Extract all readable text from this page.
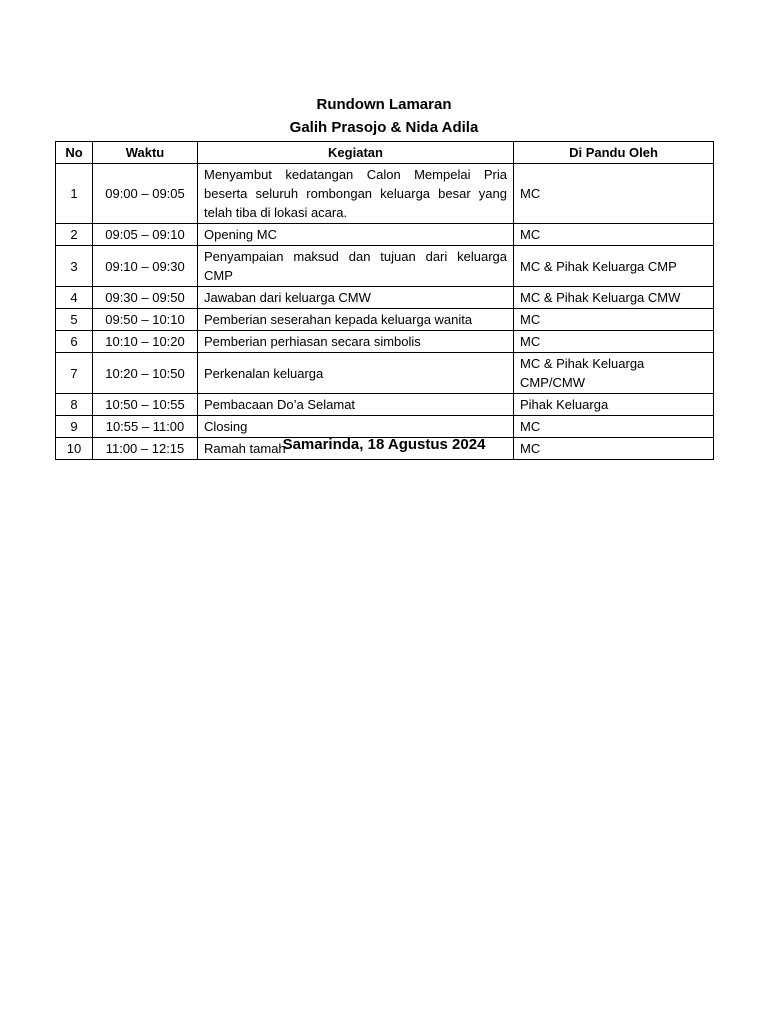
Rundown Lamaran
Galih Prasojo & Nida Adila
No	Waktu	Kegiatan	Di Pandu Oleh
1	09:00 – 09:05	Menyambut kedatangan Calon Mempelai Pria beserta seluruh rombongan keluarga besar yang telah tiba di lokasi acara.	MC
2	09:05 – 09:10	Opening MC	MC
3	09:10 – 09:30	Penyampaian maksud dan tujuan dari keluarga CMP	MC & Pihak Keluarga CMP
4	09:30 – 09:50	Jawaban dari keluarga CMW	MC & Pihak Keluarga CMW
5	09:50 – 10:10	Pemberian seserahan kepada keluarga wanita	MC
6	10:10 – 10:20	Pemberian perhiasan secara simbolis	MC
7	10:20 – 10:50	Perkenalan keluarga	MC & Pihak Keluarga CMP/CMW
8	10:50 – 10:55	Pembacaan Do’a Selamat	Pihak Keluarga
9	10:55 – 11:00	Closing	MC
10	11:00 – 12:15	Ramah tamah	MC
Samarinda, 18 Agustus 2024
